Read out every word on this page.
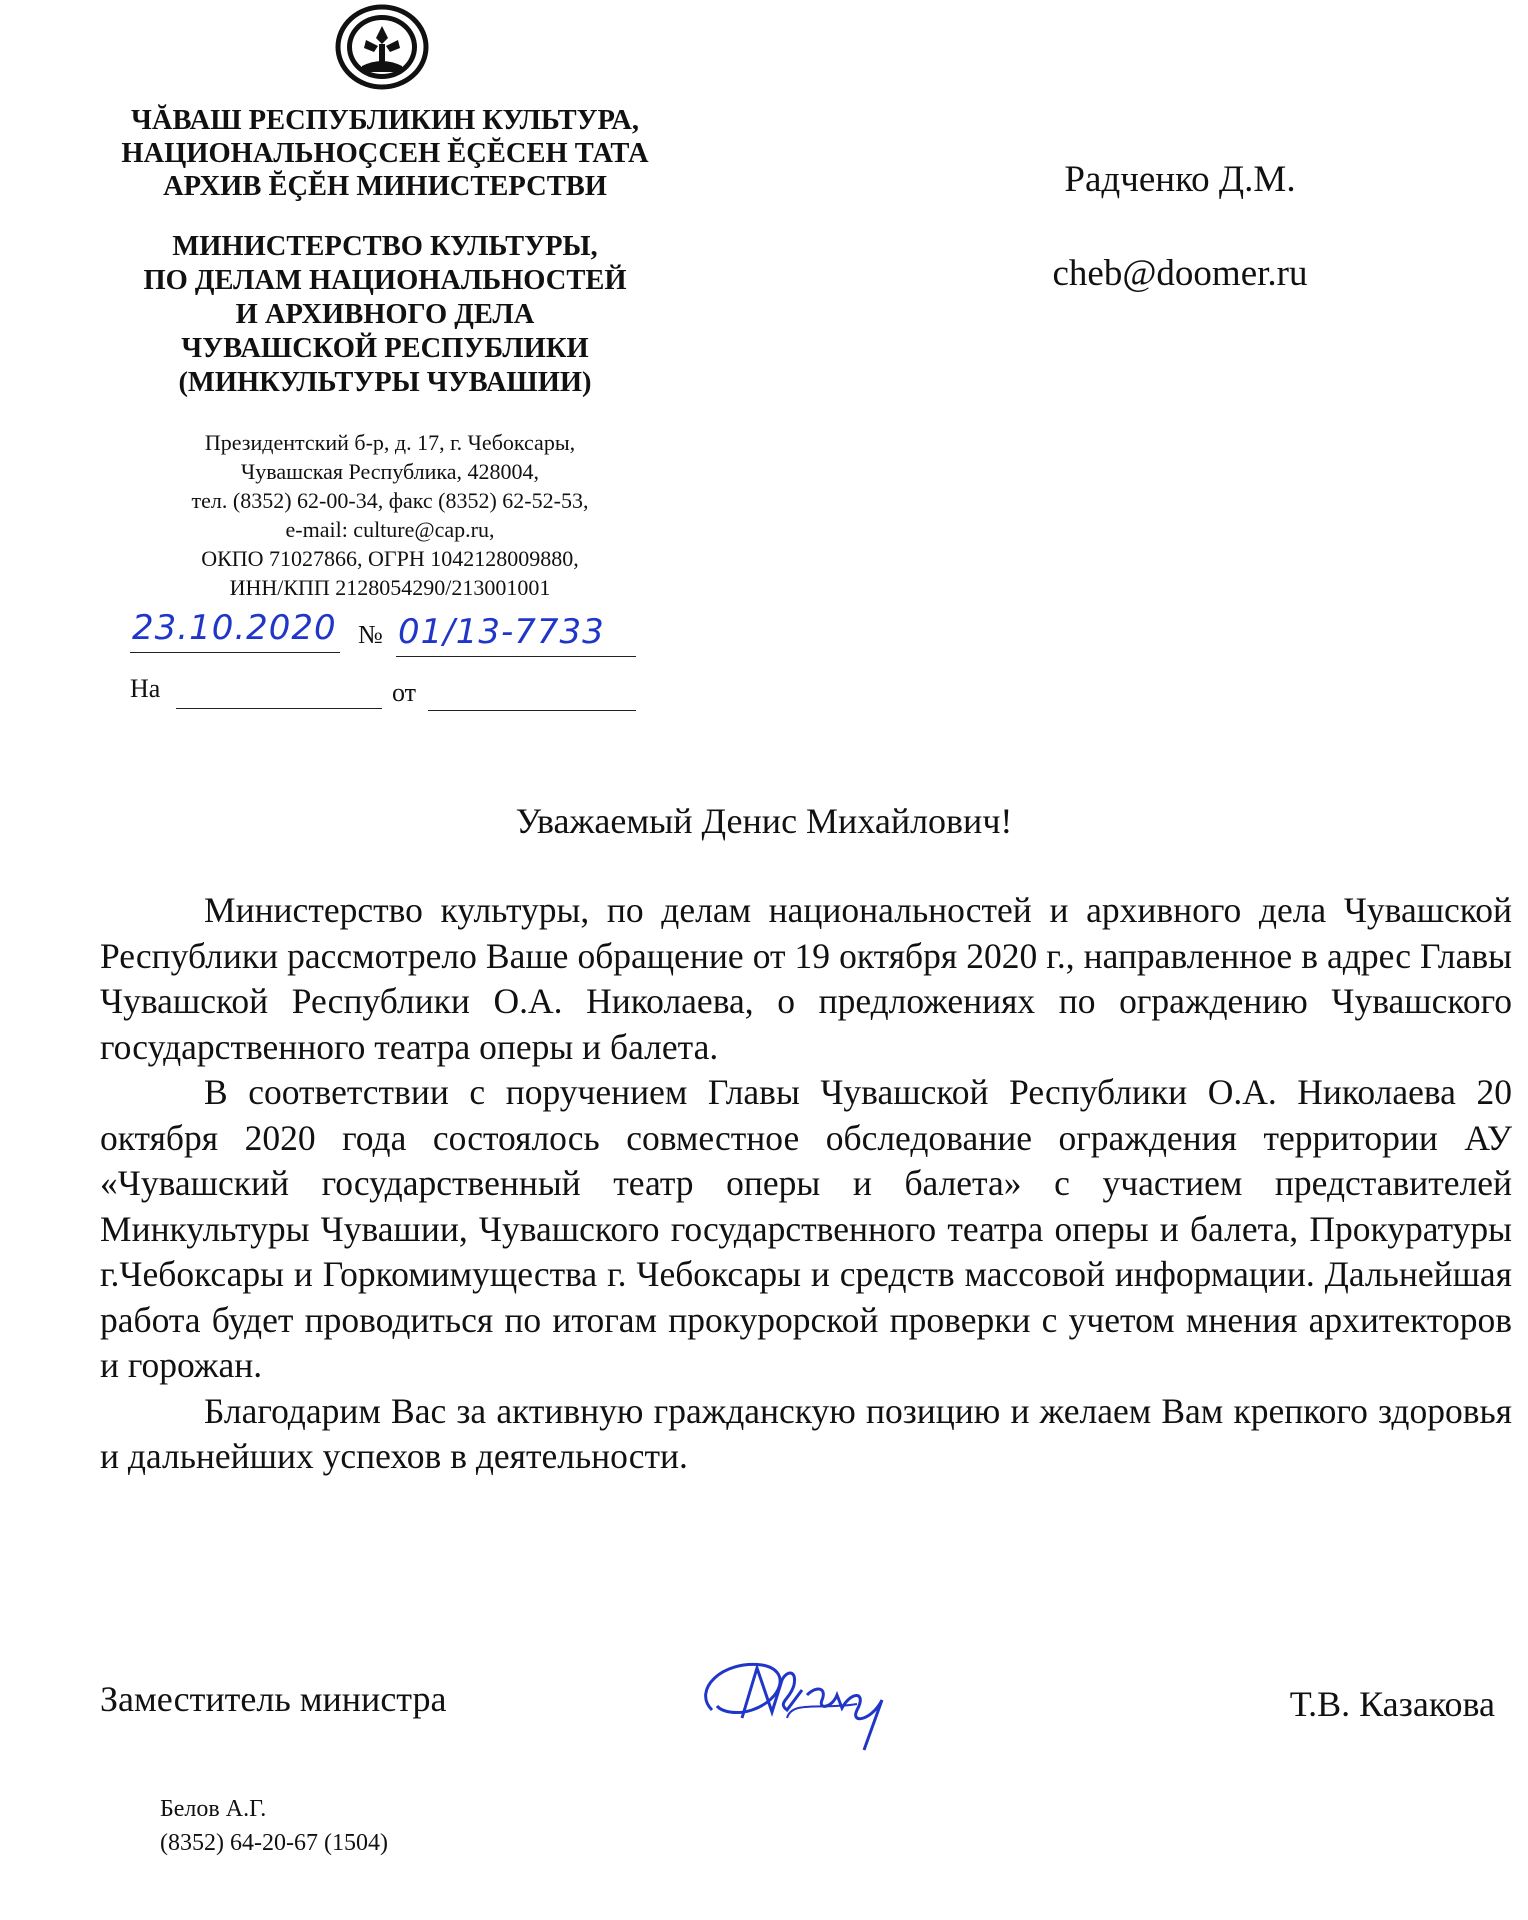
ЧĂВАШ РЕСПУБЛИКИН КУЛЬТУРА,
НАЦИОНАЛЬНОÇСЕН ĔÇĔСЕН ТАТА
АРХИВ ĔÇĔН МИНИСТЕРСТВИ
МИНИСТЕРСТВО КУЛЬТУРЫ,
ПО ДЕЛАМ НАЦИОНАЛЬНОСТЕЙ
И АРХИВНОГО ДЕЛА
ЧУВАШСКОЙ РЕСПУБЛИКИ
(МИНКУЛЬТУРЫ ЧУВАШИИ)
Президентский б-р, д. 17, г. Чебоксары,
Чувашская Республика, 428004,
тел. (8352) 62-00-34, факс (8352) 62-52-53,
e-mail: culture@cap.ru,
ОКПО 71027866, ОГРН 1042128009880,
ИНН/КПП 2128054290/213001001
23.10.2020 № 01/13-7733
На	от
Радченко Д.М.
cheb@doomer.ru
Уважаемый Денис Михайлович!

Министерство культуры, по делам национальностей и архивного дела Чувашской Республики рассмотрело Ваше обращение от 19 октября 2020 г., направленное в адрес Главы Чувашской Республики О.А. Николаева, о предложениях по ограждению Чувашского государственного театра оперы и балета.

В соответствии с поручением Главы Чувашской Республики О.А. Николаева 20 октября 2020 года состоялось совместное обследование ограждения территории АУ «Чувашский государственный театр оперы и балета» с участием представителей Минкультуры Чувашии, Чувашского государственного театра оперы и балета, Прокуратуры г.Чебоксары и Горкомимущества г. Чебоксары и средств массовой информации. Дальнейшая работа будет проводиться по итогам прокурорской проверки с учетом мнения архитекторов и горожан.

Благодарим Вас за активную гражданскую позицию и желаем Вам крепкого здоровья и дальнейших успехов в деятельности.

Заместитель министра	Т.В. Казакова
Белов А.Г.
(8352) 64-20-67 (1504)
